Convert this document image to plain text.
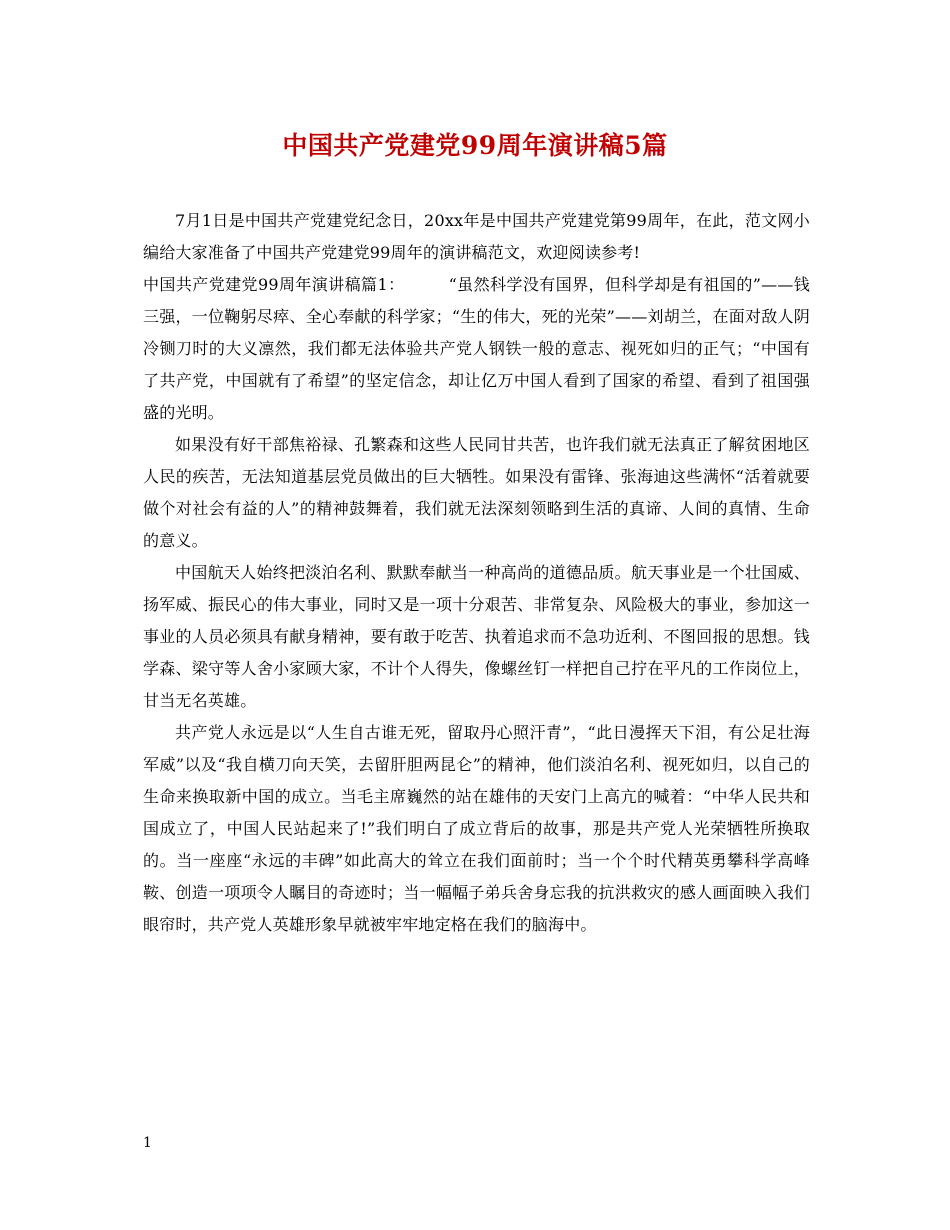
中国共产党建党99周年演讲稿5篇

7月1日是中国共产党建党纪念日，20xx年是中国共产党建党第99周年，在此，范文网小编给大家准备了中国共产党建党99周年的演讲稿范文，欢迎阅读参考!

中国共产党建党99周年演讲稿篇1：	“虽然科学没有国界，但科学却是有祖国的”——钱三强，一位鞠躬尽瘁、全心奉献的科学家；“生的伟大，死的光荣”——刘胡兰，在面对敌人阴冷铡刀时的大义凛然，我们都无法体验共产党人钢铁一般的意志、视死如归的正气；“中国有了共产党，中国就有了希望”的坚定信念，却让亿万中国人看到了国家的希望、看到了祖国强盛的光明。

如果没有好干部焦裕禄、孔繁森和这些人民同甘共苦，也许我们就无法真正了解贫困地区人民的疾苦，无法知道基层党员做出的巨大牺牲。如果没有雷锋、张海迪这些满怀“活着就要做个对社会有益的人”的精神鼓舞着，我们就无法深刻领略到生活的真谛、人间的真情、生命的意义。

中国航天人始终把淡泊名利、默默奉献当一种高尚的道德品质。航天事业是一个壮国威、扬军威、振民心的伟大事业，同时又是一项十分艰苦、非常复杂、风险极大的事业，参加这一事业的人员必须具有献身精神，要有敢于吃苦、执着追求而不急功近利、不图回报的思想。钱学森、梁守等人舍小家顾大家，不计个人得失，像螺丝钉一样把自己拧在平凡的工作岗位上，甘当无名英雄。

共产党人永远是以“人生自古谁无死，留取丹心照汗青”，“此日漫挥天下泪，有公足壮海军威”以及“我自横刀向天笑，去留肝胆两昆仑”的精神，他们淡泊名利、视死如归，以自己的生命来换取新中国的成立。当毛主席巍然的站在雄伟的天安门上高亢的喊着：“中华人民共和国成立了，中国人民站起来了!”我们明白了成立背后的故事，那是共产党人光荣牺牲所换取的。当一座座“永远的丰碑”如此高大的耸立在我们面前时；当一个个时代精英勇攀科学高峰鞍、创造一项项令人瞩目的奇迹时；当一幅幅子弟兵舍身忘我的抗洪救灾的感人画面映入我们眼帘时，共产党人英雄形象早就被牢牢地定格在我们的脑海中。

1
